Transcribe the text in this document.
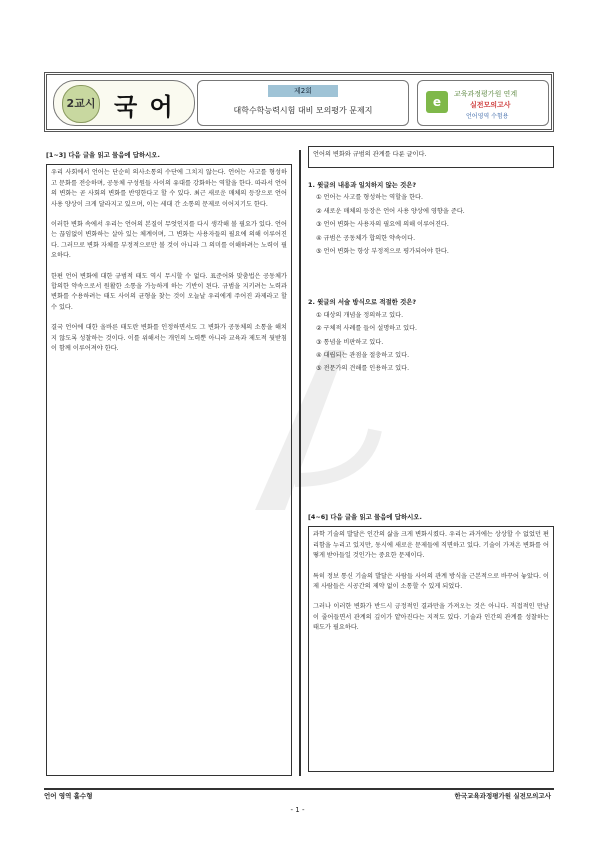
2교시 국 어
제2회
대학수학능력시험 대비 모의평가 문제지
e
교육과정평가원 연계
실전모의고사
언어영역 수험용
[1~3] 다음 글을 읽고 물음에 답하시오.

우리 사회에서 언어는 단순히 의사소통의 수단에 그치지 않는다. 언어는 사고를 형성하고 문화를 전승하며, 공동체 구성원들 사이의 유대를 강화하는 역할을 한다. 따라서 언어의 변화는 곧 사회의 변화를 반영한다고 할 수 있다. 최근 새로운 매체의 등장으로 언어 사용 양상이 크게 달라지고 있으며, 이는 세대 간 소통의 문제로 이어지기도 한다.

이러한 변화 속에서 우리는 언어의 본질이 무엇인지를 다시 생각해 볼 필요가 있다. 언어는 끊임없이 변화하는 살아 있는 체계이며, 그 변화는 사용자들의 필요에 의해 이루어진다. 그러므로 변화 자체를 부정적으로만 볼 것이 아니라 그 의미를 이해하려는 노력이 필요하다.

한편 언어 변화에 대한 규범적 태도 역시 무시할 수 없다. 표준어와 맞춤법은 공동체가 합의한 약속으로서 원활한 소통을 가능하게 하는 기반이 된다. 규범을 지키려는 노력과 변화를 수용하려는 태도 사이의 균형을 찾는 것이 오늘날 우리에게 주어진 과제라고 할 수 있다.

결국 언어에 대한 올바른 태도란 변화를 인정하면서도 그 변화가 공동체의 소통을 해치지 않도록 성찰하는 것이다. 이를 위해서는 개인의 노력뿐 아니라 교육과 제도적 뒷받침이 함께 이루어져야 한다.

언어의 변화와 규범의 관계를 다룬 글이다.
1. 윗글의 내용과 일치하지 않는 것은?
① 언어는 사고를 형성하는 역할을 한다.
② 새로운 매체의 등장은 언어 사용 양상에 영향을 준다.
③ 언어 변화는 사용자의 필요에 의해 이루어진다.
④ 규범은 공동체가 합의한 약속이다.
⑤ 언어 변화는 항상 부정적으로 평가되어야 한다.
2. 윗글의 서술 방식으로 적절한 것은?
① 대상의 개념을 정의하고 있다.
② 구체적 사례를 들어 설명하고 있다.
③ 통념을 비판하고 있다.
④ 대립되는 관점을 절충하고 있다.
⑤ 전문가의 견해를 인용하고 있다.
[4~6] 다음 글을 읽고 물음에 답하시오.

과학 기술의 발달은 인간의 삶을 크게 변화시켰다. 우리는 과거에는 상상할 수 없었던 편리함을 누리고 있지만, 동시에 새로운 문제들에 직면하고 있다. 기술이 가져온 변화를 어떻게 받아들일 것인가는 중요한 문제이다.

특히 정보 통신 기술의 발달은 사람들 사이의 관계 방식을 근본적으로 바꾸어 놓았다. 이제 사람들은 시공간의 제약 없이 소통할 수 있게 되었다.

그러나 이러한 변화가 반드시 긍정적인 결과만을 가져오는 것은 아니다. 직접적인 만남이 줄어들면서 관계의 깊이가 얕아진다는 지적도 있다. 기술과 인간의 관계를 성찰하는 태도가 필요하다.

언어 영역 홀수형	한국교육과정평가원 실전모의고사
- 1 -
